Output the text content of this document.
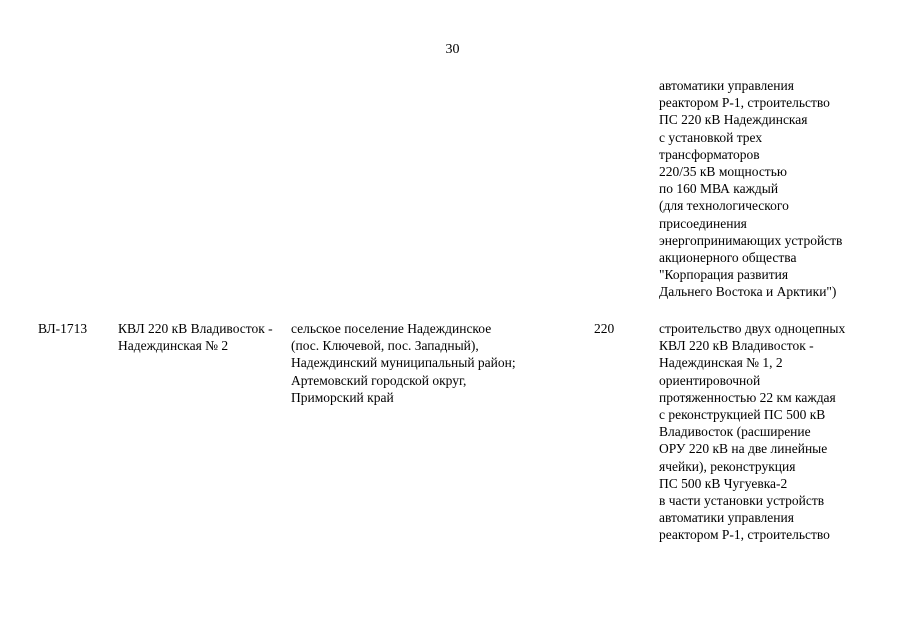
30
автоматики управления
реактором Р-1, строительство
ПС 220 кВ Надеждинская
с установкой трех
трансформаторов
220/35 кВ мощностью
по 160 МВА каждый
(для технологического
присоединения
энергопринимающих устройств
акционерного общества
"Корпорация развития
Дальнего Востока и Арктики")
ВЛ-1713 КВЛ 220 кВ Владивосток -
Надеждинская № 2
сельское поселение Надеждинское
(пос. Ключевой, пос. Западный),
Надеждинский муниципальный район;
Артемовский городской округ,
Приморский край
220	строительство двух одноцепных
КВЛ 220 кВ Владивосток -
Надеждинская № 1, 2
ориентировочной
протяженностью 22 км каждая
с реконструкцией ПС 500 кВ
Владивосток (расширение
ОРУ 220 кВ на две линейные
ячейки), реконструкция
ПС 500 кВ Чугуевка-2
в части установки устройств
автоматики управления
реактором Р-1, строительство
